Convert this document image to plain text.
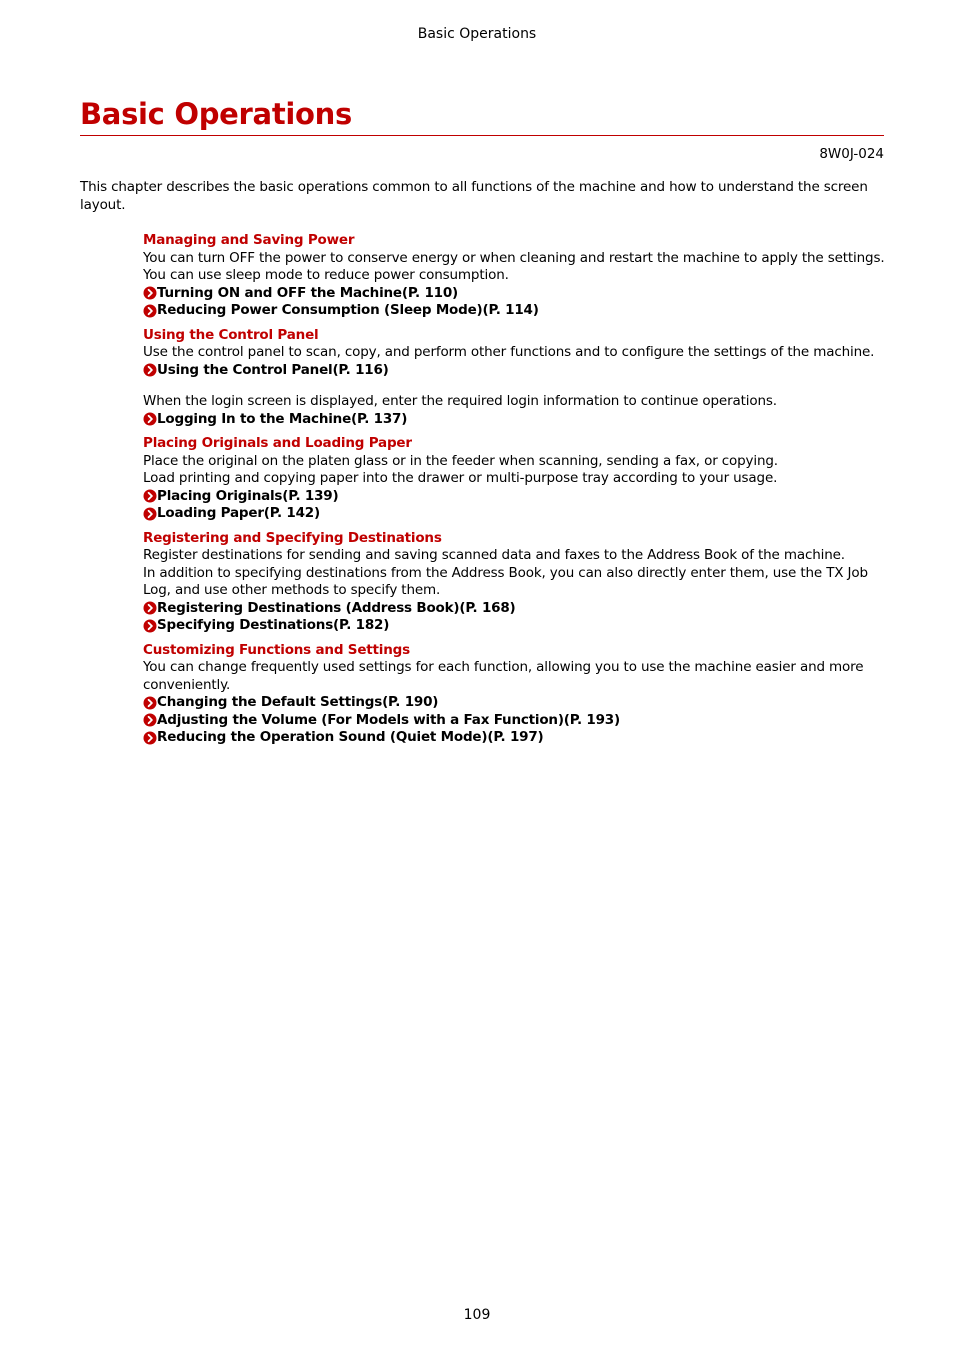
Basic Operations
Basic Operations
8W0J-024

This chapter describes the basic operations common to all functions of the machine and how to understand the screen layout.

Managing and Saving Power

You can turn OFF the power to conserve energy or when cleaning and restart the machine to apply the settings.

You can use sleep mode to reduce power consumption.

Turning ON and OFF the Machine(P. 110)
Reducing Power Consumption (Sleep Mode)(P. 114)
Using the Control Panel

Use the control panel to scan, copy, and perform other functions and to configure the settings of the machine.

Using the Control Panel(P. 116)

When the login screen is displayed, enter the required login information to continue operations.

Logging In to the Machine(P. 137)
Placing Originals and Loading Paper

Place the original on the platen glass or in the feeder when scanning, sending a fax, or copying.

Load printing and copying paper into the drawer or multi-purpose tray according to your usage.

Placing Originals(P. 139)
Loading Paper(P. 142)
Registering and Specifying Destinations

Register destinations for sending and saving scanned data and faxes to the Address Book of the machine.

In addition to specifying destinations from the Address Book, you can also directly enter them, use the TX Job Log, and use other methods to specify them.

Registering Destinations (Address Book)(P. 168)
Specifying Destinations(P. 182)
Customizing Functions and Settings

You can change frequently used settings for each function, allowing you to use the machine easier and more conveniently.

Changing the Default Settings(P. 190)
Adjusting the Volume (For Models with a Fax Function)(P. 193)
Reducing the Operation Sound (Quiet Mode)(P. 197)
109
